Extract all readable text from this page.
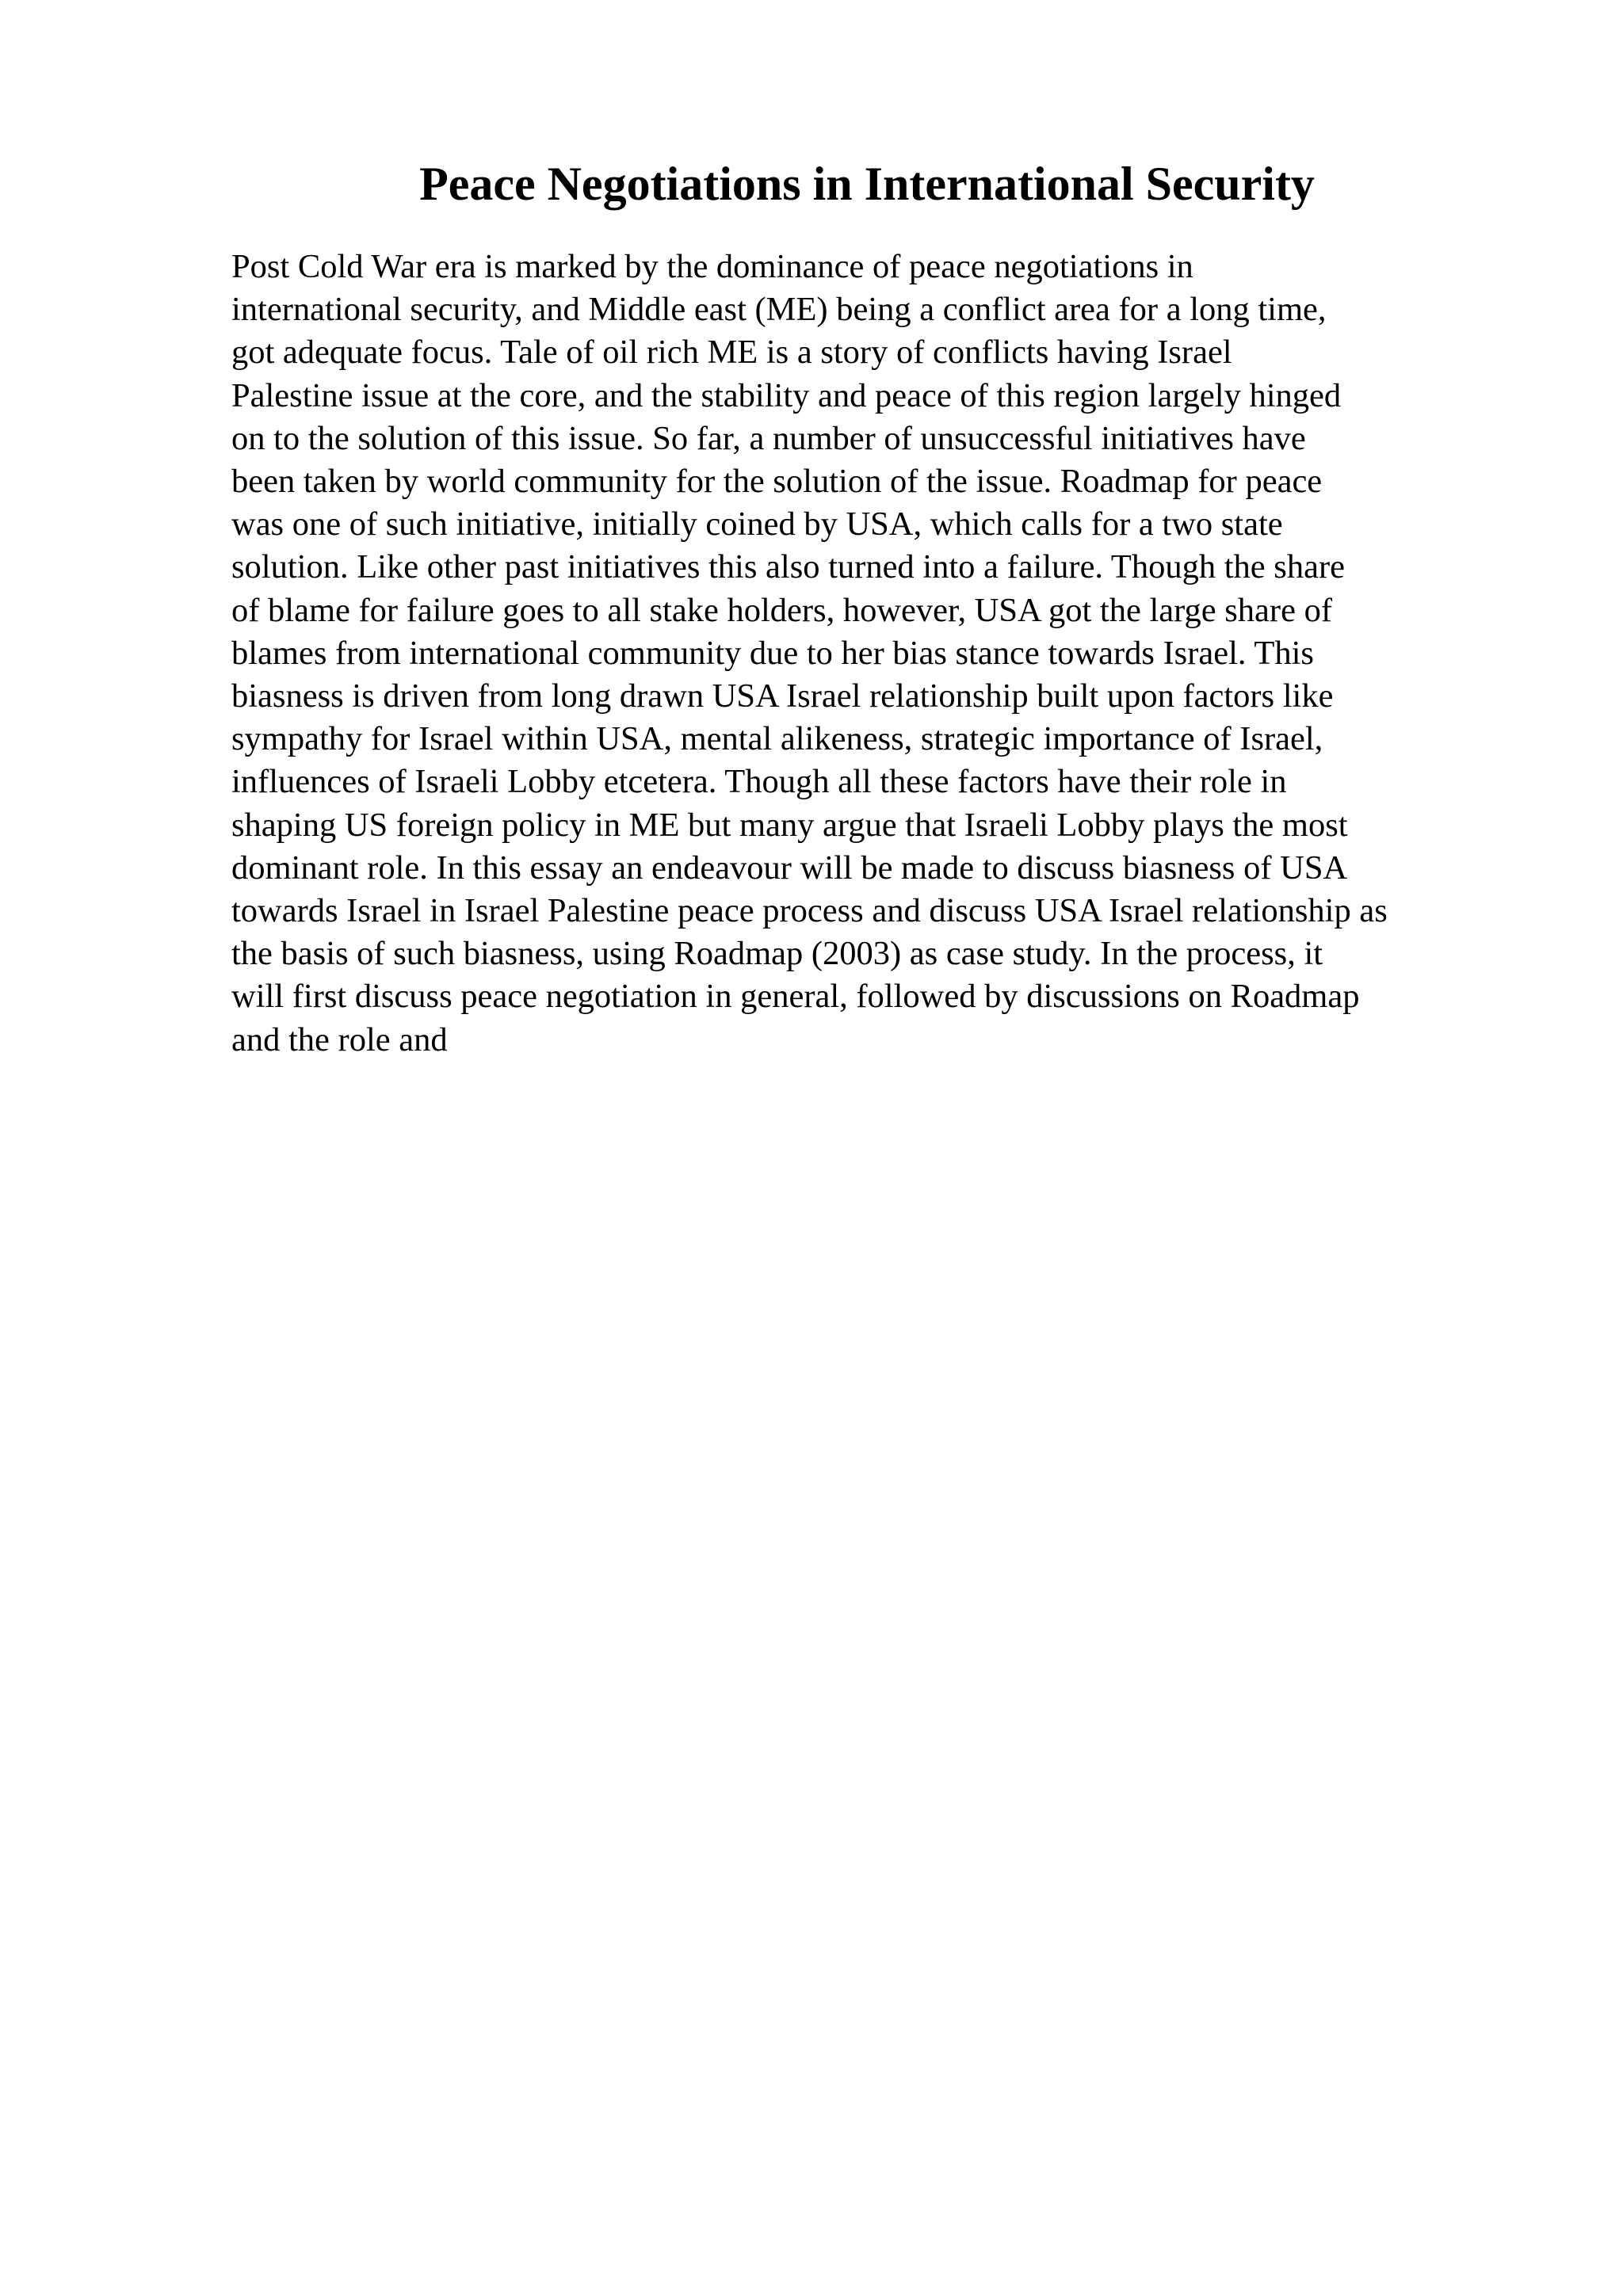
Peace Negotiations in International Security

Post Cold War era is marked by the dominance of peace negotiations in
international security, and Middle east (ME) being a conflict area for a long time,
got adequate focus. Tale of oil rich ME is a story of conflicts having Israel
Palestine issue at the core, and the stability and peace of this region largely hinged
on to the solution of this issue. So far, a number of unsuccessful initiatives have
been taken by world community for the solution of the issue. Roadmap for peace
was one of such initiative, initially coined by USA, which calls for a two state
solution. Like other past initiatives this also turned into a failure. Though the share
of blame for failure goes to all stake holders, however, USA got the large share of
blames from international community due to her bias stance towards Israel. This
biasness is driven from long drawn USA Israel relationship built upon factors like
sympathy for Israel within USA, mental alikeness, strategic importance of Israel,
influences of Israeli Lobby etcetera. Though all these factors have their role in
shaping US foreign policy in ME but many argue that Israeli Lobby plays the most
dominant role. In this essay an endeavour will be made to discuss biasness of USA
towards Israel in Israel Palestine peace process and discuss USA Israel relationship as
the basis of such biasness, using Roadmap (2003) as case study. In the process, it
will first discuss peace negotiation in general, followed by discussions on Roadmap
and the role and
